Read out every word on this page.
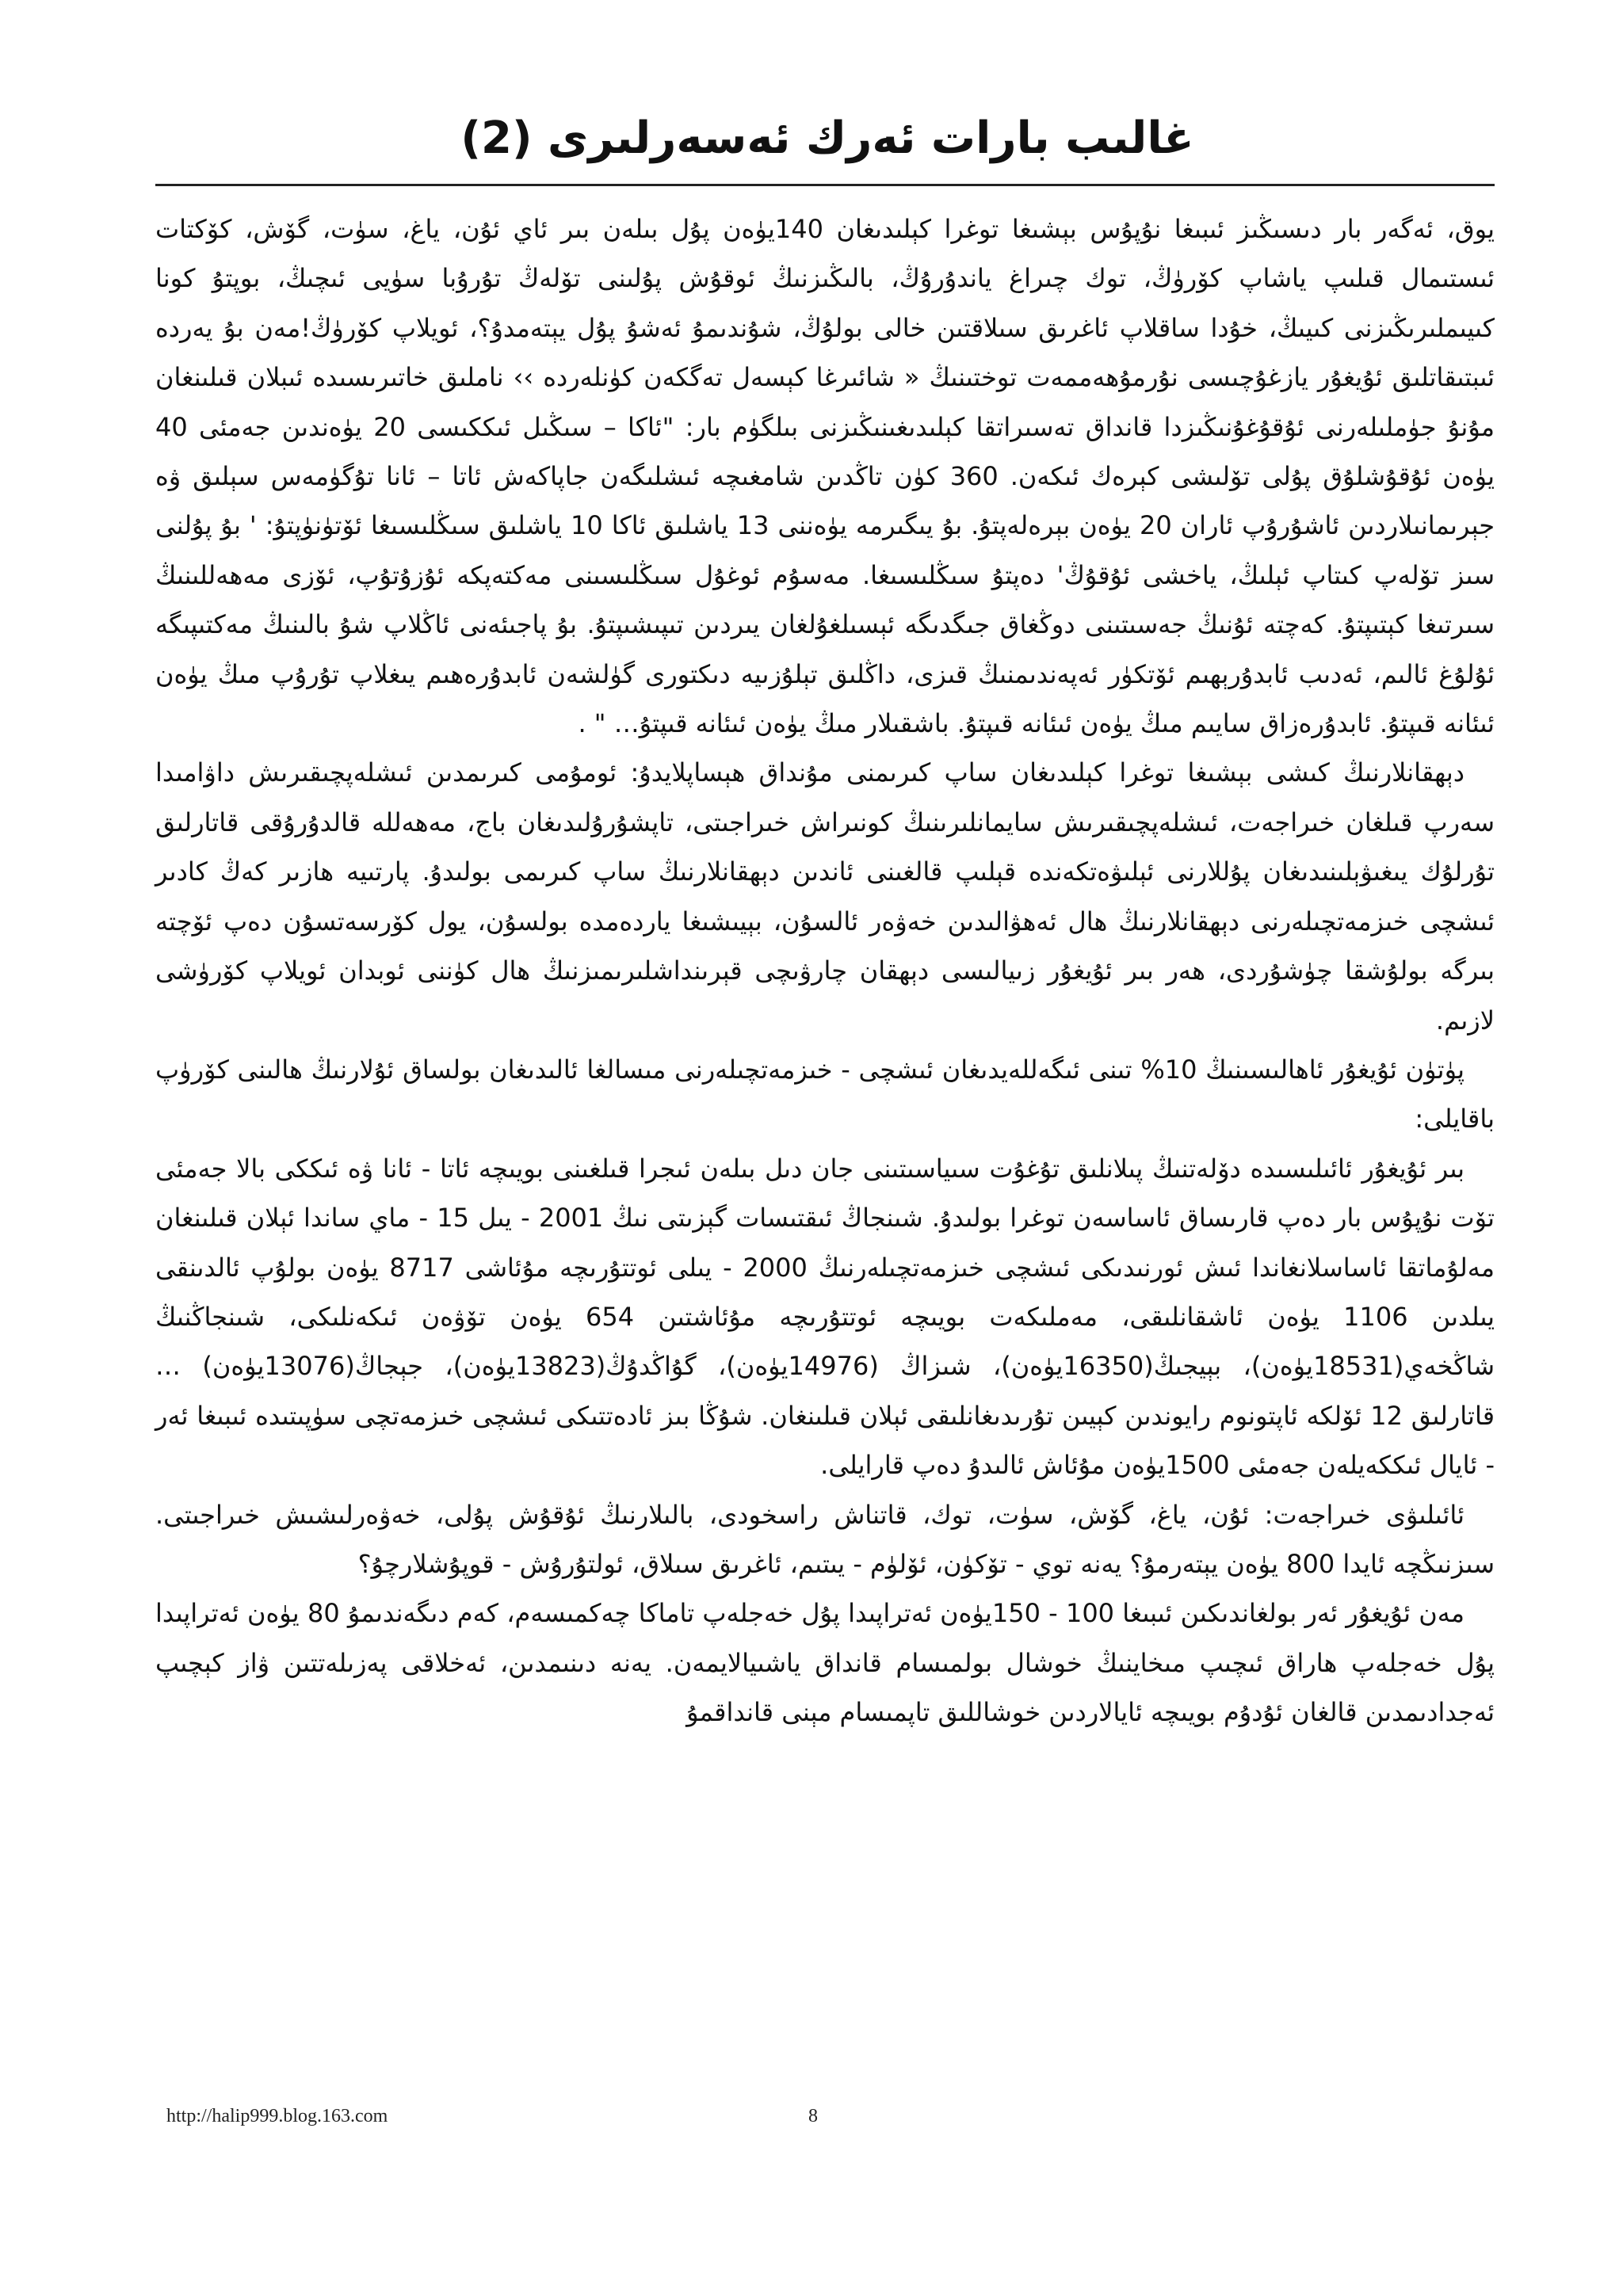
غالىب بارات ئەرك ئەسەرلىرى (2)

يوق، ئەگەر بار دىسىڭىز ئىبىغا نۇپۇس بېشىغا توغرا كېلىدىغان 140يۈەن پۇل بىلەن بىر ئاي ئۇن، ياغ، سۈت، گۆش، كۆكتات ئىستىمال قىلىپ ياشاپ كۆرۈڭ، توك چىراغ ياندۇرۇڭ، بالىڭىزنىڭ ئوقۇش پۇلىنى تۆلەڭ تۇرۇبا سۈيى ئىچىڭ، بوپتۇ كونا كىيىملىرىڭىزنى كىيىڭ، خۇدا ساقلاپ ئاغرىق سىلاقتىن خالى بولۇڭ، شۇندىمۇ ئەشۇ پۇل يېتەمدۇ؟، ئويلاپ كۆرۈڭ!مەن بۇ يەردە ئىبتىقاتلىق ئۇيغۇر يازغۇچىسى نۇرمۇھەممەت توختىنىڭ « شائىرغا كېسەل تەگكەن كۈنلەردە ›› ناملىق خاتىرىسىدە ئىبلان قىلىنغان مۇنۇ جۈملىلەرنى ئۇقۇغۇنىڭىزدا قانداق تەسىراتقا كېلىدىغىنىڭىزنى بىلگۈم بار: "ئاكا – سىڭىل ئىككىسى 20 يۈەندىن جەمئى 40 يۈەن ئۇقۇشلۇق پۇلى تۆلىشى كېرەك ئىكەن. 360 كۈن تاڭدىن شامغىچە ئىشلىگەن جاپاكەش ئاتا – ئانا تۇگۈمەس سېلىق ۋە جېرىمانىلاردىن ئاشۇرۇپ ئاران 20 يۈەن بېرەلەپتۇ. بۇ يىگىرمە يۈەننى 13 ياشلىق ئاكا 10 ياشلىق سىڭلىسىغا ئۆتۈنۈپتۇ: ' بۇ پۇلنى سىز تۆلەپ كىتاپ ئېلىڭ، ياخشى ئۇقۇڭ' دەپتۇ سىڭلىسىغا. مەسۇم ئوغۇل سىڭلىسىنى مەكتەپكە ئۇزۇتۇپ، ئۆزى مەھەللىنىڭ سىرتىغا كېتىپتۇ. كەچتە ئۇنىڭ جەسىتىنى دوڭغاق جىگدىگە ئېسىلغۇلغان يىردىن تىپىشىپتۇ. بۇ پاجىئەنى ئاڭلاپ شۇ بالىنىڭ مەكتىپىگە ئۇلۇغ ئالىم، ئەدىب ئابدۇرېھىم ئۆتكۈر ئەپەندىمنىڭ قىزى، داڭلىق تېلۇزىيە دىكتورى گۈلشەن ئابدۇرەھىم يىغلاپ تۇرۇپ مىڭ يۈەن ئىئانە قىپتۇ. ئابدۇرەزاق سايىم مىڭ يۈەن ئىئانە قىپتۇ. باشقىلار مىڭ يۈەن ئىئانە قىپتۇ… " .

دېھقانلارنىڭ كىشى بېشىغا توغرا كېلىدىغان ساپ كىرىمنى مۇنداق ھېساپلايدۇ: ئومۇمى كىرىمدىن ئىشلەپچىقىرىش داۋامىدا سەرپ قىلغان خىراجەت، ئىشلەپچىقىرىش سايمانلىرىنىڭ كونىراش خىراجىتى، تاپشۇرۇلىدىغان باج، مەھەللە قالدۇرۇقى قاتارلىق تۇرلۇك يىغىۋېلىنىدىغان پۇللارنى ئېلىۋەتكەندە قېلىپ قالغىنى ئاندىن دېھقانلارنىڭ ساپ كىرىمى بولىدۇ. پارتىيە ھازىر كەڭ كادىر ئىشچى خىزمەتچىلەرنى دېھقانلارنىڭ ھال ئەھۋالىدىن خەۋەر ئالسۇن، بېيىشىغا ياردەمدە بولسۇن، يول كۆرسەتسۇن دەپ ئۆچتە بىرگە بولۇشقا چۈشۇردى، ھەر بىر ئۇيغۇر زىيالىسى دېھقان چارۋىچى قېرىنداشلىرىمىزنىڭ ھال كۈننى ئوبدان ئويلاپ كۆرۈشى لازىم.

پۈتۈن ئۇيغۇر ئاھالىسىنىڭ 10% تىنى ئىگەللەيدىغان ئىشچى - خىزمەتچىلەرنى مىسالغا ئالىدىغان بولساق ئۇلارنىڭ ھالىنى كۆرۈپ باقايلى:

بىر ئۇيغۇر ئائىلىسىدە دۆلەتنىڭ پىلانلىق تۇغۇت سىياسىتىنى جان دىل بىلەن ئىجرا قىلغىنى بويىچە ئاتا - ئانا ۋە ئىككى بالا جەمئى تۆت نۇپۇس بار دەپ قارىساق ئاساسەن توغرا بولىدۇ. شىنجاڭ ئىقتىسات گېزىتى نىڭ 2001 - يىل 15 - ماي ساندا ئېلان قىلىنغان مەلۇماتقا ئاساسلانغاندا ئىش ئورنىدىكى ئىشچى خىزمەتچىلەرنىڭ 2000 - يىلى ئوتتۇرىچە مۇئاشى 8717 يۈەن بولۇپ ئالدىنقى يىلدىن 1106 يۈەن ئاشقانلىقى، مەملىكەت بويىچە ئوتتۇرىچە مۇئاشتىن 654 يۈەن تۆۋەن ئىكەنلىكى، شىنجاڭنىڭ شاڭخەي(18531يۈەن)، بېيجىڭ(16350يۈەن)، شىزاڭ (14976يۈەن)، گۇاڭدۇڭ(13823يۈەن)، جېجاڭ(13076يۈەن) … قاتارلىق 12 ئۆلكە ئاپتونوم رايوندىن كېيىن تۇرىدىغانلىقى ئېلان قىلىنغان. شۇڭا بىز ئادەتتىكى ئىشچى خىزمەتچى سۈپىتىدە ئىبىغا ئەر - ئايال ئىككەيلەن جەمئى 1500يۈەن مۇئاش ئالىدۇ دەپ قارايلى.

ئائىلىۋى خىراجەت: ئۇن، ياغ، گۆش، سۈت، توك، قاتناش راسخودى، بالىلارنىڭ ئۇقۇش پۇلى، خەۋەرلىشىش خىراجىتى. سىزنىڭچە ئايدا 800 يۈەن يېتەرمۇ؟ يەنە توي - تۆكۈن، ئۆلۈم - يىتىم، ئاغرىق سىلاق، ئولتۇرۇش - قوپۇشلارچۇ؟

مەن ئۇيغۇر ئەر بولغاندىكىن ئىبىغا 100 - 150يۈەن ئەتراپىدا پۇل خەجلەپ تاماكا چەكمىسەم، كەم دىگەندىمۇ 80 يۈەن ئەتراپىدا پۇل خەجلەپ ھاراق ئىچىپ مىخاينىڭ خوشال بولمىسام قانداق ياشىيالايمەن. يەنە دىنىمدىن، ئەخلاقى پەزىلەتتىن ۋاز كېچىپ ئەجدادىمدىن قالغان ئۇدۇم بويىچە ئايالاردىن خوشاللىق تاپمىسام مېنى قانداقمۇ

http://halip999.blog.163.com	8
